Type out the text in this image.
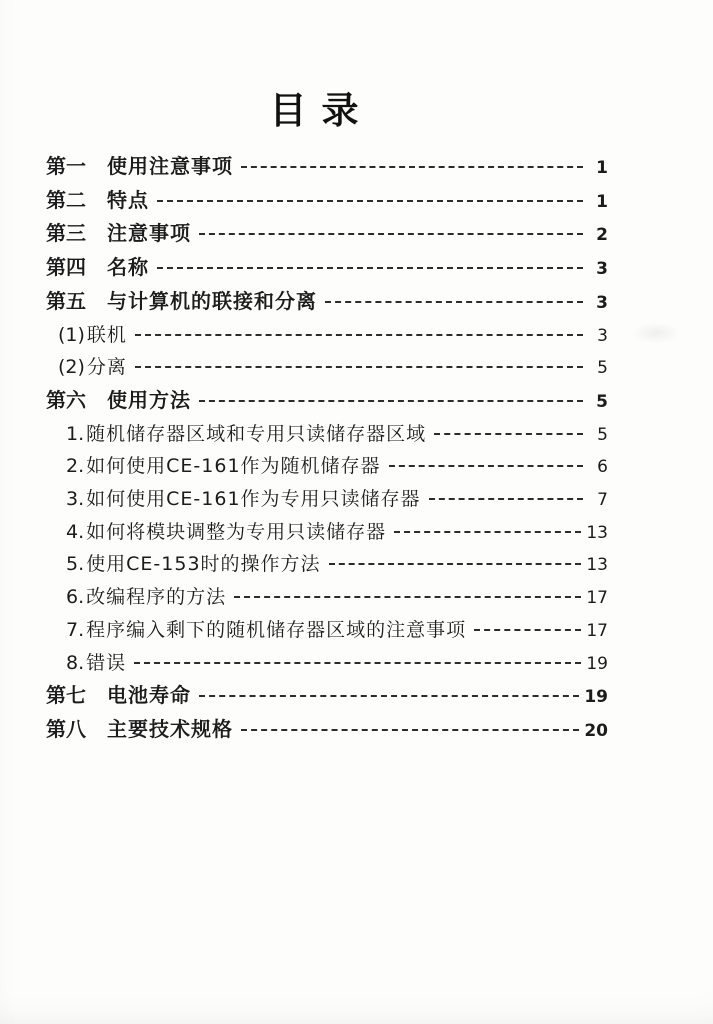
目录
第一 使用注意事项	1
第二 特点	1
第三 注意事项	2
第四 名称	3
第五 与计算机的联接和分离	3
(1) 联机	3
(2) 分离	5
第六 使用方法	5
1. 随机储存器区域和专用只读储存器区域	5
2. 如何使用CE-161作为随机储存器	6
3. 如何使用CE-161作为专用只读储存器	7
4. 如何将模块调整为专用只读储存器	13
5. 使用CE-153时的操作方法	13
6. 改编程序的方法	17
7. 程序编入剩下的随机储存器区域的注意事项	17
8. 错误	19
第七 电池寿命	19
第八 主要技术规格	20
